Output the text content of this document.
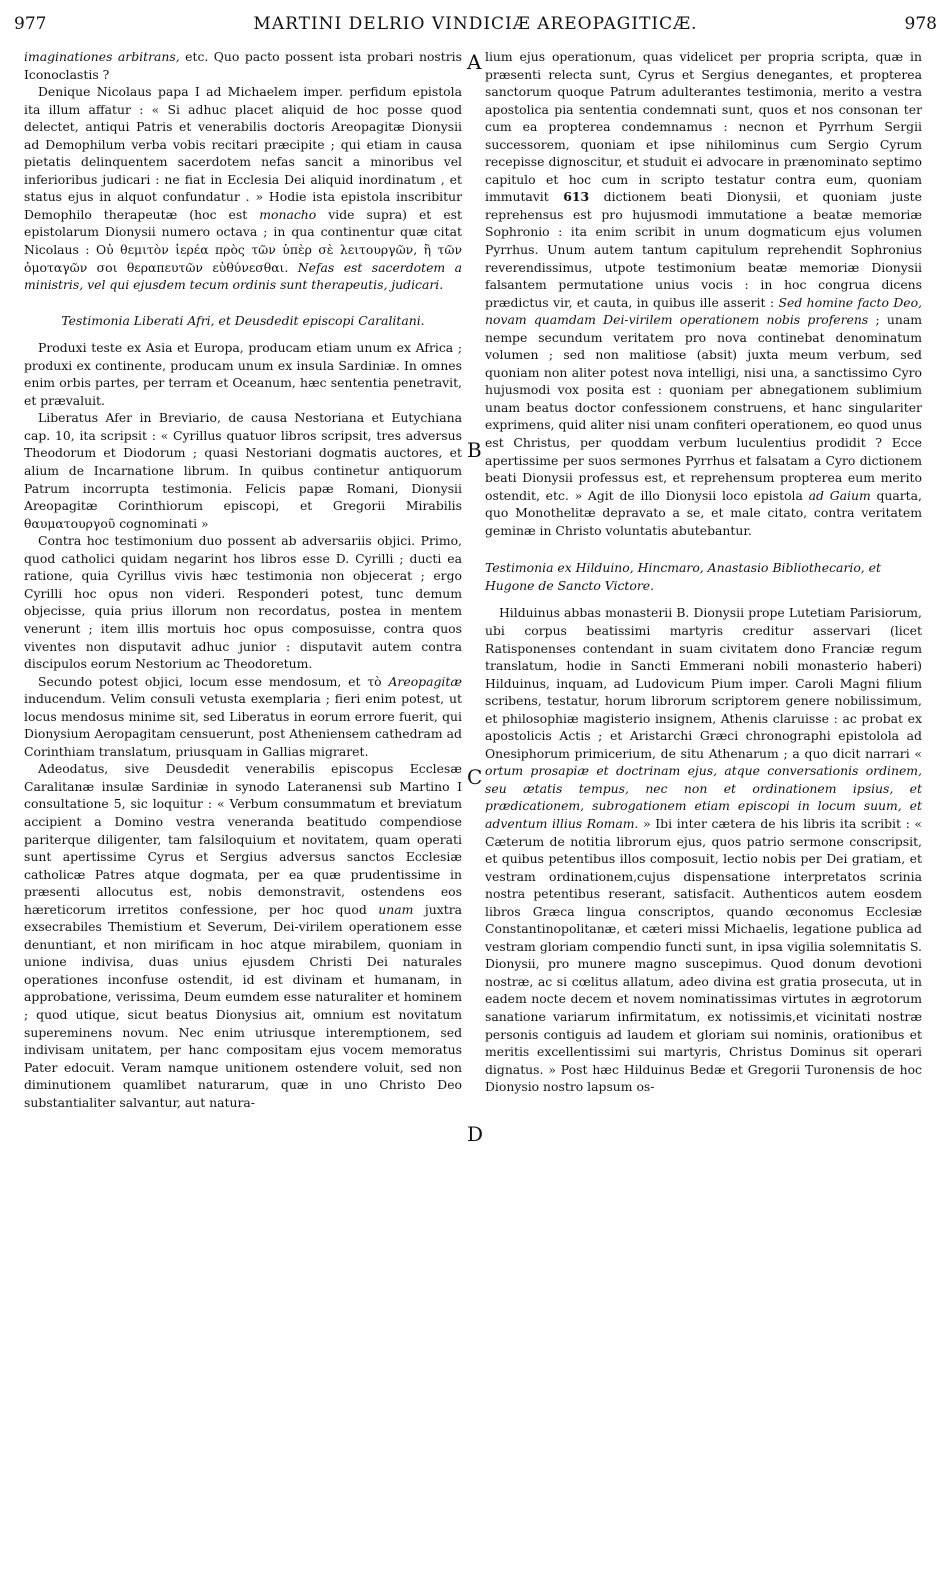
977	MARTINI DELRIO VINDICIÆ AREOPAGITICÆ.	978
A
B
C
D

imaginationes arbitrans, etc. Quo pacto possent ista probari nostris Iconoclastis ?

Denique Nicolaus papa I ad Michaelem imper. perfidum epistola ita illum affatur : « Si adhuc placet aliquid de hoc posse quod delectet, antiqui Patris et venerabilis doctoris Areopagitæ Dionysii ad Demophilum verba vobis recitari præcipite ; qui etiam in causa pietatis delinquentem sacerdotem nefas sancit a minoribus vel inferioribus judicari : ne fiat in Ecclesia Dei aliquid inordinatum , et status ejus in alquot confundatur . » Hodie ista epistola inscribitur Demophilo therapeutæ (hoc est monacho vide supra) et est epistolarum Dionysii numero octava ; in qua continentur quæ citat Nicolaus : Οὐ θεμιτὸν ἱερέα πρὸς τῶν ὑπὲρ σὲ λειτουργῶν, ἢ τῶν ὁμοταγῶν σοι θεραπευτῶν εὐθύνεσθαι. Nefas est sacerdotem a ministris, vel qui ejusdem tecum ordinis sunt therapeutis, judicari.

Testimonia Liberati Afri, et Deusdedit episcopi Caralitani.

Produxi teste ex Asia et Europa, producam etiam unum ex Africa ; produxi ex continente, producam unum ex insula Sardiniæ. In omnes enim orbis partes, per terram et Oceanum, hæc sententia penetravit, et prævaluit.

Liberatus Afer in Breviario, de causa Nestoriana et Eutychiana cap. 10, ita scripsit : « Cyrillus quatuor libros scripsit, tres adversus Theodorum et Diodorum ; quasi Nestoriani dogmatis auctores, et alium de Incarnatione librum. In quibus continetur antiquorum Patrum incorrupta testimonia. Felicis papæ Romani, Dionysii Areopagitæ Corinthiorum episcopi, et Gregorii Mirabilis θαυματουργοῦ cognominati »

Contra hoc testimonium duo possent ab adversariis objici. Primo, quod catholici quidam negarint hos libros esse D. Cyrilli ; ducti ea ratione, quia Cyrillus vivis hæc testimonia non objecerat ; ergo Cyrilli hoc opus non videri. Responderi potest, tunc demum objecisse, quia prius illorum non recordatus, postea in mentem venerunt ; item illis mortuis hoc opus composuisse, contra quos viventes non disputavit adhuc junior : disputavit autem contra discipulos eorum Nestorium ac Theodoretum.

Secundo potest objici, locum esse mendosum, et τὸ Areopagitæ inducendum. Velim consuli vetusta exemplaria ; fieri enim potest, ut locus mendosus minime sit, sed Liberatus in eorum errore fuerit, qui Dionysium Aeropagitam censuerunt, post Atheniensem cathedram ad Corinthiam translatum, priusquam in Gallias migraret.

Adeodatus, sive Deusdedit venerabilis episcopus Ecclesæ Caralitanæ insulæ Sardiniæ in synodo Lateranensi sub Martino I consultatione 5, sic loquitur : « Verbum consummatum et breviatum accipient a Domino vestra veneranda beatitudo compendiose pariterque diligenter, tam falsiloquium et novitatem, quam operati sunt apertissime Cyrus et Sergius adversus sanctos Ecclesiæ catholicæ Patres atque dogmata, per ea quæ prudentissime in præsenti allocutus est, nobis demonstravit, ostendens eos hæreticorum irretitos confessione, per hoc quod unam juxtra exsecrabiles Themistium et Severum, Dei-virilem operationem esse denuntiant, et non mirificam in hoc atque mirabilem, quoniam in unione indivisa, duas unius ejusdem Christi Dei naturales operationes inconfuse ostendit, id est divinam et humanam, in approbatione, verissima, Deum eumdem esse naturaliter et hominem ; quod utique, sicut beatus Dionysius ait, omnium est novitatum supereminens novum. Nec enim utriusque interemptionem, sed indivisam unitatem, per hanc compositam ejus vocem memoratus Pater edocuit. Veram namque unitionem ostendere voluit, sed non diminutionem quamlibet naturarum, quæ in uno Christo Deo substantialiter salvantur, aut natura-

lium ejus operationum, quas videlicet per propria scripta, quæ in præsenti relecta sunt, Cyrus et Sergius denegantes, et propterea sanctorum quoque Patrum adulterantes testimonia, merito a vestra apostolica pia sententia condemnati sunt, quos et nos consonan ter cum ea propterea condemnamus : necnon et Pyrrhum Sergii successorem, quoniam et ipse nihilominus cum Sergio Cyrum recepisse dignoscitur, et studuit ei advocare in prænominato septimo capitulo et hoc cum in scripto testatur contra eum, quoniam immutavit 613 dictionem beati Dionysii, et quoniam juste reprehensus est pro hujusmodi immutatione a beatæ memoriæ Sophronio : ita enim scribit in unum dogmaticum ejus volumen Pyrrhus. Unum autem tantum capitulum reprehendit Sophronius reverendissimus, utpote testimonium beatæ memoriæ Dionysii falsantem permutatione unius vocis : in hoc congrua dicens prædictus vir, et cauta, in quibus ille asserit : Sed homine facto Deo, novam quamdam Dei-virilem operationem nobis proferens ; unam nempe secundum veritatem pro nova continebat denominatum volumen ; sed non malitiose (absit) juxta meum verbum, sed quoniam non aliter potest nova intelligi, nisi una, a sanctissimo Cyro hujusmodi vox posita est : quoniam per abnegationem sublimium unam beatus doctor confessionem construens, et hanc singulariter exprimens, quid aliter nisi unam confiteri operationem, eo quod unus est Christus, per quoddam verbum luculentius prodidit ? Ecce apertissime per suos sermones Pyrrhus et falsatam a Cyro dictionem beati Dionysii professus est, et reprehensum propterea eum merito ostendit, etc. » Agit de illo Dionysii loco epistola ad Gaium quarta, quo Monothelitæ depravato a se, et male citato, contra veritatem geminæ in Christo voluntatis abutebantur.

Testimonia ex Hilduino, Hincmaro, Anastasio Bibliothecario, et Hugone de Sancto Victore.

Hilduinus abbas monasterii B. Dionysii prope Lutetiam Parisiorum, ubi corpus beatissimi martyris creditur asservari (licet Ratisponenses contendant in suam civitatem dono Franciæ regum translatum, hodie in Sancti Emmerani nobili monasterio haberi) Hilduinus, inquam, ad Ludovicum Pium imper. Caroli Magni filium scribens, testatur, horum librorum scriptorem genere nobilissimum, et philosophiæ magisterio insignem, Athenis claruisse : ac probat ex apostolicis Actis ; et Aristarchi Græci chronographi epistolola ad Onesiphorum primicerium, de situ Athenarum ; a quo dicit narrari « ortum prosapiæ et doctrinam ejus, atque conversationis ordinem, seu ætatis tempus, nec non et ordinationem ipsius, et prædicationem, subrogationem etiam episcopi in locum suum, et adventum illius Romam. » Ibi inter cætera de his libris ita scribit : « Cæterum de notitia librorum ejus, quos patrio sermone conscripsit, et quibus petentibus illos composuit, lectio nobis per Dei gratiam, et vestram ordinationem,cujus dispensatione interpretatos scrinia nostra petentibus reserant, satisfacit. Authenticos autem eosdem libros Græca lingua conscriptos, quando œconomus Ecclesiæ Constantinopolitanæ, et cæteri missi Michaelis, legatione publica ad vestram gloriam compendio functi sunt, in ipsa vigilia solemnitatis S. Dionysii, pro munere magno suscepimus. Quod donum devotioni nostræ, ac si cœlitus allatum, adeo divina est gratia prosecuta, ut in eadem nocte decem et novem nominatissimas virtutes in ægrotorum sanatione variarum infirmitatum, ex notissimis,et vicinitati nostræ personis contiguis ad laudem et gloriam sui nominis, orationibus et meritis excellentissimi sui martyris, Christus Dominus sit operari dignatus. » Post hæc Hilduinus Bedæ et Gregorii Turonensis de hoc Dionysio nostro lapsum os-
